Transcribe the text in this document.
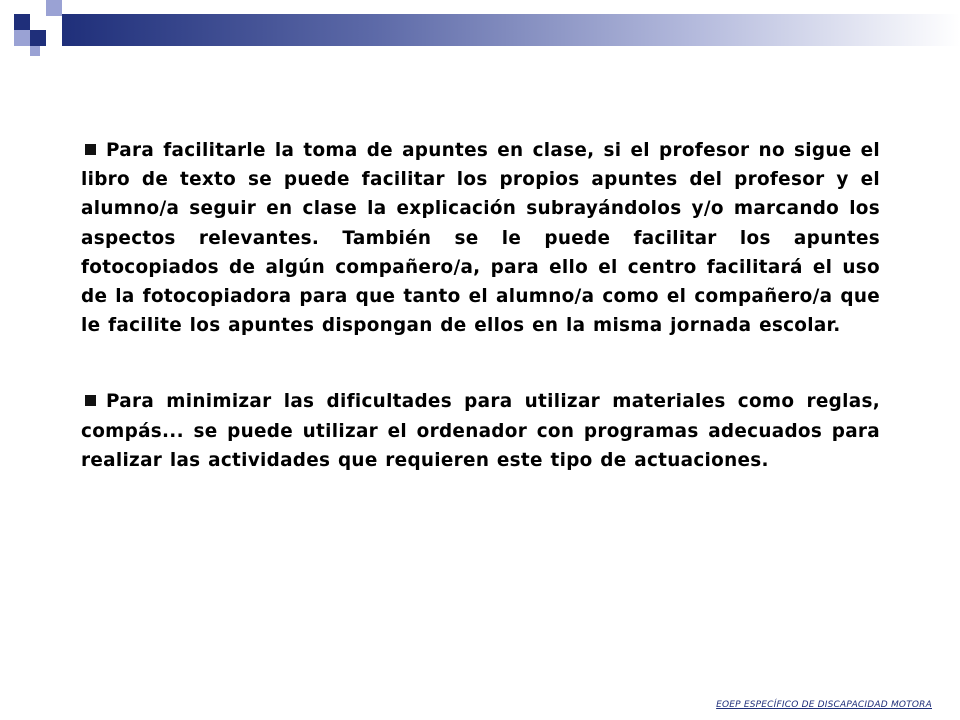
Para facilitarle la toma de apuntes en clase, si el profesor no sigue el libro de texto se puede facilitar los propios apuntes del profesor y el alumno/a seguir en clase la explicación subrayándolos y/o marcando los aspectos relevantes. También se le puede facilitar los apuntes fotocopiados de algún compañero/a, para ello el centro facilitará el uso de la fotocopiadora para que tanto el alumno/a como el compañero/a que le facilite los apuntes dispongan de ellos en la misma jornada escolar.

Para minimizar las dificultades para utilizar materiales como reglas, compás... se puede utilizar el ordenador con programas adecuados para realizar las actividades que requieren este tipo de actuaciones.

EOEP ESPECÍFICO DE DISCAPACIDAD MOTORA
